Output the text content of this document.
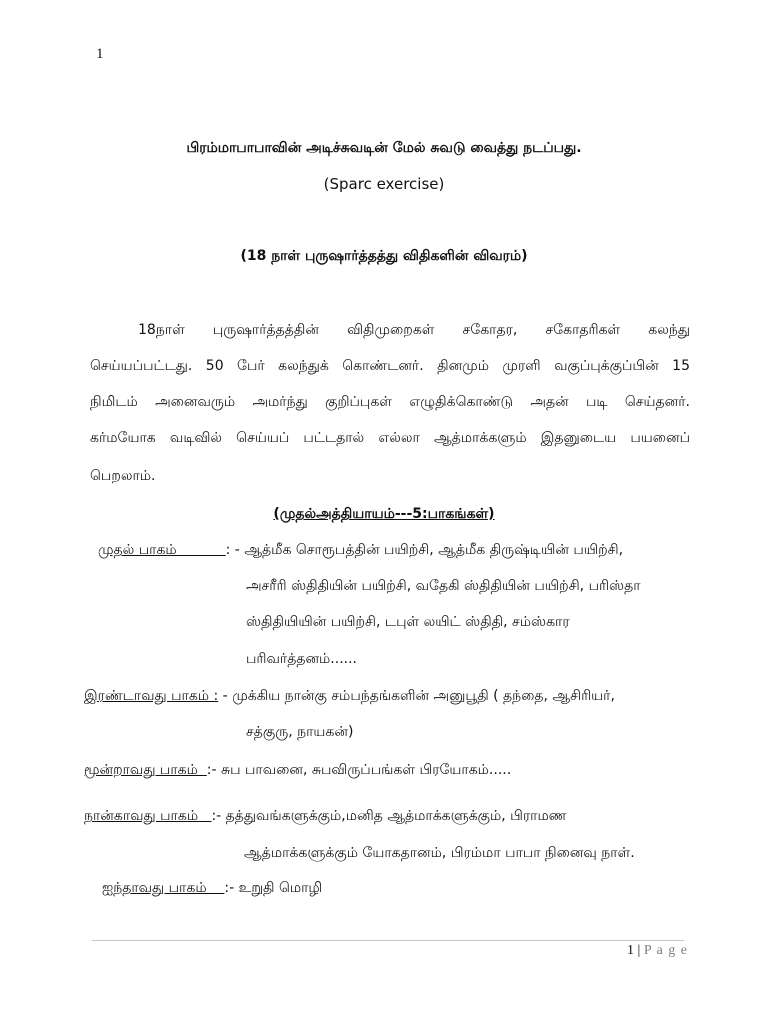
1
பிரம்மாபாபாவின் அடிச்சுவடின் மேல் சுவடு வைத்து நடப்பது.
(Sparc exercise)
(18 நாள் புருஷார்த்தத்து விதிகளின் விவரம்)
18நாள் புருஷார்த்தத்தின் விதிமுறைகள் சகோதர, சகோதரிகள் கலந்து
செய்யப்பட்டது. 50 பேர் கலந்துக் கொண்டனர். தினமும் முரளி வகுப்புக்குப்பின் 15
நிமிடம் அனைவரும் அமர்ந்து குறிப்புகள் எழுதிக்கொண்டு அதன் படி செய்தனர்.
கர்மயோக வடிவில் செய்யப் பட்டதால் எல்லா ஆத்மாக்களும் இதனுடைய பயனைப்
பெறலாம்.
(முதல்அத்தியாயம்---5:பாகங்கள்)
முதல் பாகம்           : - ஆத்மீக சொரூபத்தின் பயிற்சி, ஆத்மீக திருஷ்டியின் பயிற்சி,
அசரீரி ஸ்திதியின் பயிற்சி, வதேகி ஸ்திதியின் பயிற்சி, பரிஸ்தா
ஸ்திதியியின் பயிற்சி, டபுள் லயிட் ஸ்திதி, சம்ஸ்கார
பரிவர்த்தனம்......
இரண்டாவது பாகம் : - முக்கிய நான்கு சம்பந்தங்களின் அனுபூதி ( தந்தை, ஆசிரியர்,
சத்குரு, நாயகன்)
மூன்றாவது பாகம்  :- சுப பாவனை, சுபவிருப்பங்கள் பிரயோகம்.....
நான்காவது பாகம்   :- தத்துவங்களுக்கும்,மனித ஆத்மாக்களுக்கும், பிராமண
ஆத்மாக்களுக்கும் யோகதானம், பிரம்மா பாபா நினைவு நாள்.
ஐந்தாவது பாகம்    :- உறுதி மொழி
1 | P a g e
